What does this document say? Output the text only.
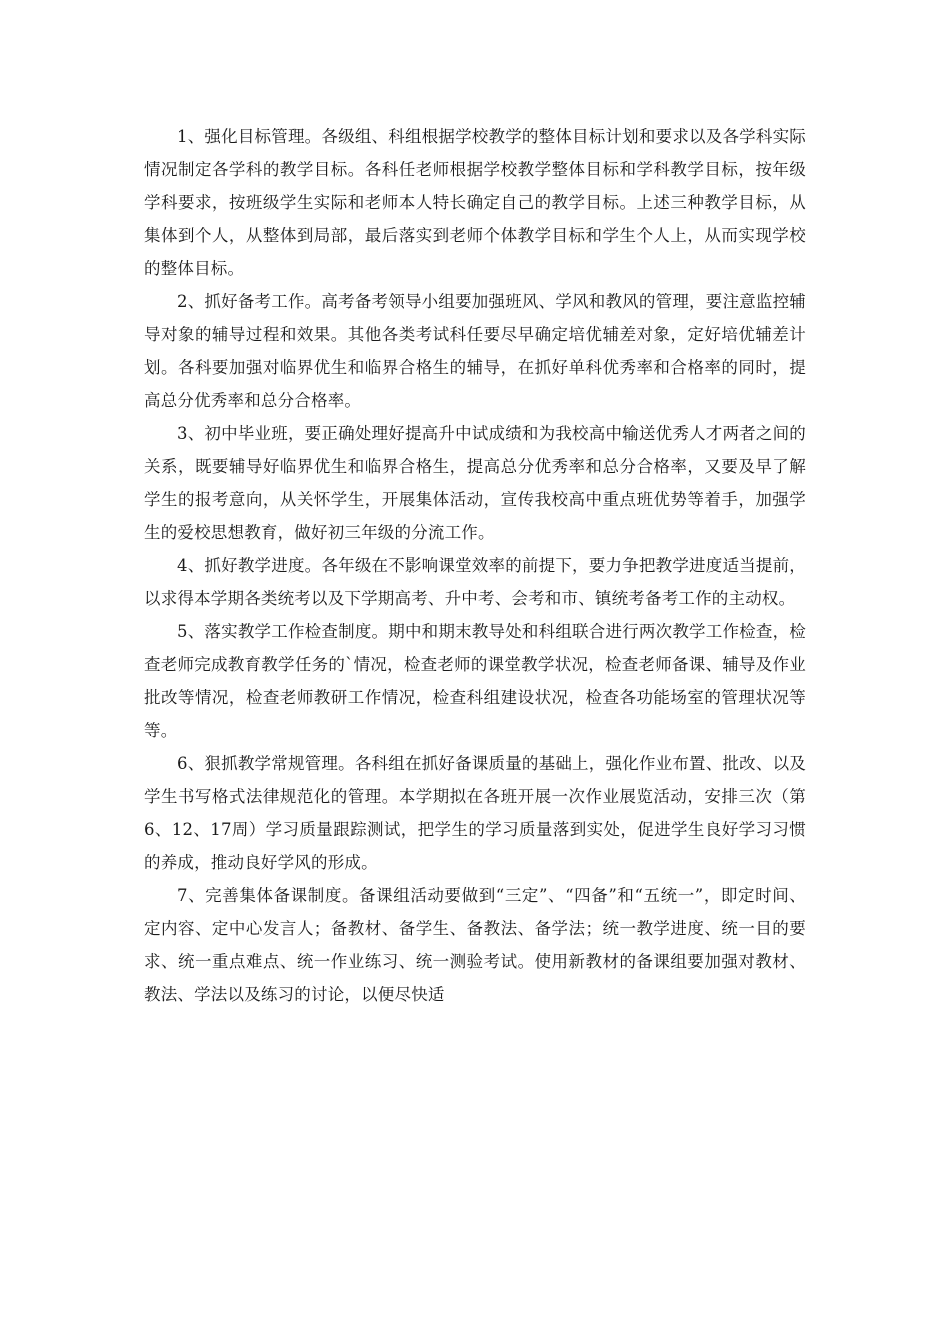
1、强化目标管理。各级组、科组根据学校教学的整体目标计划和要求以及各学科实际情况制定各学科的教学目标。各科任老师根据学校教学整体目标和学科教学目标，按年级学科要求，按班级学生实际和老师本人特长确定自己的教学目标。上述三种教学目标，从集体到个人，从整体到局部，最后落实到老师个体教学目标和学生个人上，从而实现学校的整体目标。

2、抓好备考工作。高考备考领导小组要加强班风、学风和教风的管理，要注意监控辅导对象的辅导过程和效果。其他各类考试科任要尽早确定培优辅差对象，定好培优辅差计划。各科要加强对临界优生和临界合格生的辅导，在抓好单科优秀率和合格率的同时，提高总分优秀率和总分合格率。

3、初中毕业班，要正确处理好提高升中试成绩和为我校高中输送优秀人才两者之间的关系，既要辅导好临界优生和临界合格生，提高总分优秀率和总分合格率，又要及早了解学生的报考意向，从关怀学生，开展集体活动，宣传我校高中重点班优势等着手，加强学生的爱校思想教育，做好初三年级的分流工作。

4、抓好教学进度。各年级在不影响课堂效率的前提下，要力争把教学进度适当提前，以求得本学期各类统考以及下学期高考、升中考、会考和市、镇统考备考工作的主动权。

5、落实教学工作检查制度。期中和期末教导处和科组联合进行两次教学工作检查，检查老师完成教育教学任务的`情况，检查老师的课堂教学状况，检查老师备课、辅导及作业批改等情况，检查老师教研工作情况，检查科组建设状况，检查各功能场室的管理状况等等。

6、狠抓教学常规管理。各科组在抓好备课质量的基础上，强化作业布置、批改、以及学生书写格式法律规范化的管理。本学期拟在各班开展一次作业展览活动，安排三次（第6、12、17周）学习质量跟踪测试，把学生的学习质量落到实处，促进学生良好学习习惯的养成，推动良好学风的形成。

7、完善集体备课制度。备课组活动要做到“三定”、“四备”和“五统一”，即定时间、定内容、定中心发言人；备教材、备学生、备教法、备学法；统一教学进度、统一目的要求、统一重点难点、统一作业练习、统一测验考试。使用新教材的备课组要加强对教材、教法、学法以及练习的讨论，以便尽快适
